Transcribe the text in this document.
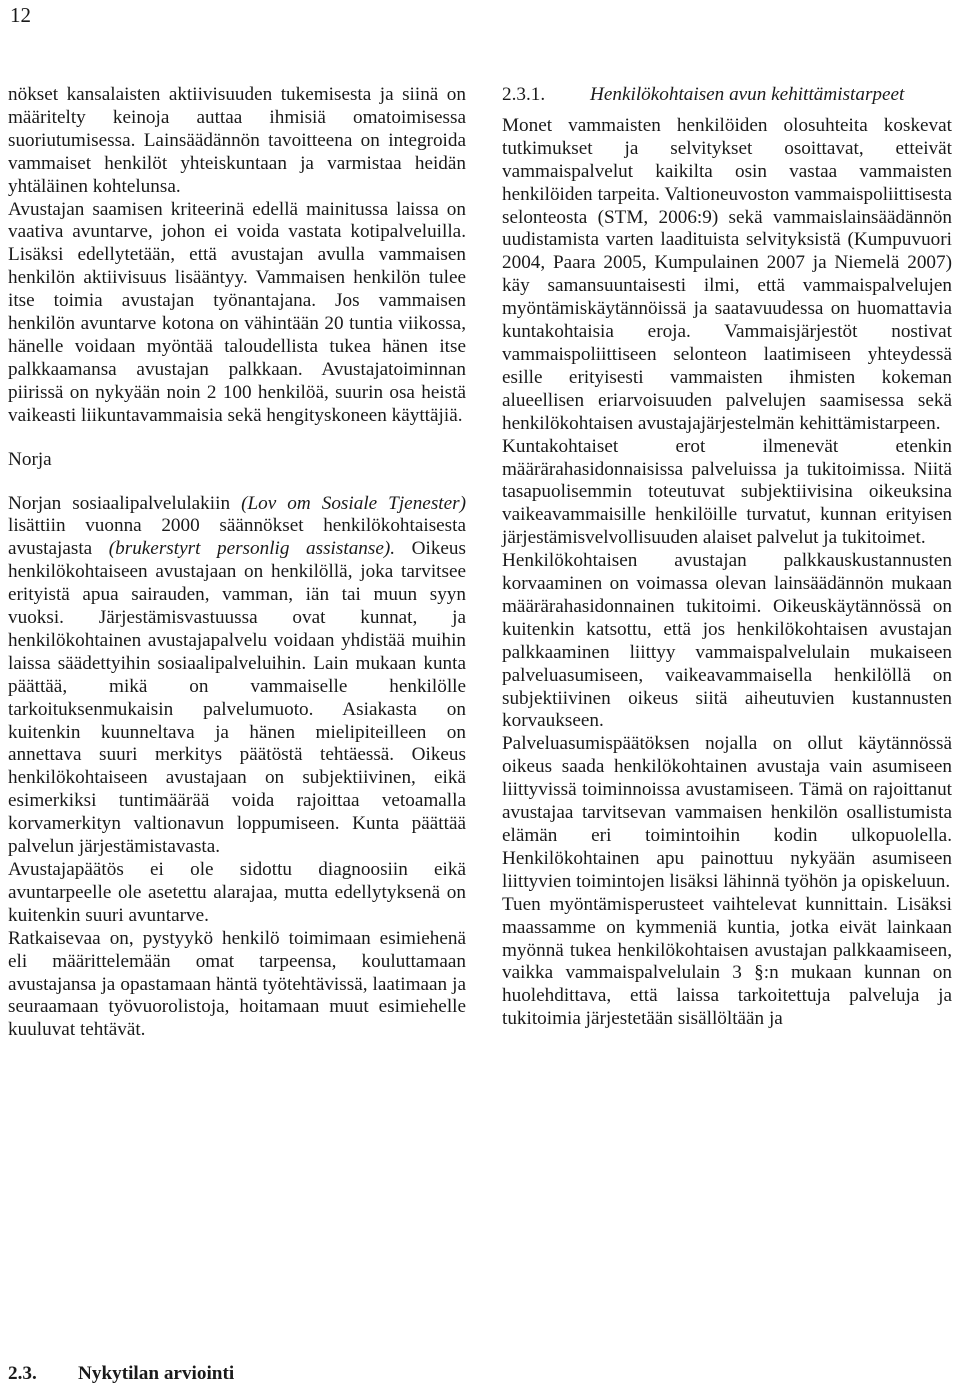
12

nökset kansalaisten aktiivisuuden tukemisesta ja siinä on määritelty keinoja auttaa ihmisiä omatoimisessa suoriutumisessa. Lainsäädännön tavoitteena on integroida vammaiset henkilöt yhteiskuntaan ja varmistaa heidän yhtäläinen kohtelunsa.

Avustajan saamisen kriteerinä edellä mainitussa laissa on vaativa avuntarve, johon ei voida vastata kotipalveluilla. Lisäksi edellytetään, että avustajan avulla vammaisen henkilön aktiivisuus lisääntyy. Vammaisen henkilön tulee itse toimia avustajan työnantajana. Jos vammaisen henkilön avuntarve kotona on vähintään 20 tuntia viikossa, hänelle voidaan myöntää taloudellista tukea hänen itse palkkaamansa avustajan palkkaan. Avustajatoiminnan piirissä on nykyään noin 2 100 henkilöä, suurin osa heistä vaikeasti liikuntavammaisia sekä hengityskoneen käyttäjiä.

Norja

Norjan sosiaalipalvelulakiin (Lov om Sosiale Tjenester) lisättiin vuonna 2000 säännökset henkilökohtaisesta avustajasta (brukerstyrt personlig assistanse). Oikeus henkilökohtaiseen avustajaan on henkilöllä, joka tarvitsee erityistä apua sairauden, vamman, iän tai muun syyn vuoksi. Järjestämisvastuussa ovat kunnat, ja henkilökohtainen avustajapalvelu voidaan yhdistää muihin laissa säädettyihin sosiaalipalveluihin. Lain mukaan kunta päättää, mikä on vammaiselle henkilölle tarkoituksenmukaisin palvelumuoto. Asiakasta on kuitenkin kuunneltava ja hänen mielipiteilleen on annettava suuri merkitys päätöstä tehtäessä. Oikeus henkilökohtaiseen avustajaan on subjektiivinen, eikä esimerkiksi tuntimäärää voida rajoittaa vetoamalla korvamerkityn valtionavun loppumiseen. Kunta päättää palvelun järjestämistavasta.

Avustajapäätös ei ole sidottu diagnoosiin eikä avuntarpeelle ole asetettu alarajaa, mutta edellytyksenä on kuitenkin suuri avuntarve.

Ratkaisevaa on, pystyykö henkilö toimimaan esimiehenä eli määrittelemään omat tarpeensa, kouluttamaan avustajansa ja opastamaan häntä työtehtävissä, laatimaan ja seuraamaan työvuorolistoja, hoitamaan muut esimiehelle kuuluvat tehtävät.

2.3. Nykytilan arviointi
2.3.1. Henkilökohtaisen avun kehittämistarpeet

Monet vammaisten henkilöiden olosuhteita koskevat tutkimukset ja selvitykset osoittavat, etteivät vammaispalvelut kaikilta osin vastaa vammaisten henkilöiden tarpeita. Valtioneuvoston vammaispoliittisesta selonteosta (STM, 2006:9) sekä vammaislainsäädännön uudistamista varten laadituista selvityksistä (Kumpuvuori 2004, Paara 2005, Kumpulainen 2007 ja Niemelä 2007) käy samansuuntaisesti ilmi, että vammaispalvelujen myöntämiskäytännöissä ja saatavuudessa on huomattavia kuntakohtaisia eroja. Vammaisjärjestöt nostivat vammaispoliittiseen selonteon laatimiseen yhteydessä esille erityisesti vammaisten ihmisten kokeman alueellisen eriarvoisuuden palvelujen saamisessa sekä henkilökohtaisen avustajajärjestelmän kehittämistarpeen.

Kuntakohtaiset erot ilmenevät etenkin määrärahasidonnaisissa palveluissa ja tukitoimissa. Niitä tasapuolisemmin toteutuvat subjektiivisina oikeuksina vaikeavammaisille henkilöille turvatut, kunnan erityisen järjestämisvelvollisuuden alaiset palvelut ja tukitoimet.

Henkilökohtaisen avustajan palkkauskustannusten korvaaminen on voimassa olevan lainsäädännön mukaan määrärahasidonnainen tukitoimi. Oikeuskäytännössä on kuitenkin katsottu, että jos henkilökohtaisen avustajan palkkaaminen liittyy vammaispalvelulain mukaiseen palveluasumiseen, vaikeavammaisella henkilöllä on subjektiivinen oikeus siitä aiheutuvien kustannusten korvaukseen.

Palveluasumispäätöksen nojalla on ollut käytännössä oikeus saada henkilökohtainen avustaja vain asumiseen liittyvissä toiminnoissa avustamiseen. Tämä on rajoittanut avustajaa tarvitsevan vammaisen henkilön osallistumista elämän eri toimintoihin kodin ulkopuolella. Henkilökohtainen apu painottuu nykyään asumiseen liittyvien toimintojen lisäksi lähinnä työhön ja opiskeluun.

Tuen myöntämisperusteet vaihtelevat kunnittain. Lisäksi maassamme on kymmeniä kuntia, jotka eivät lainkaan myönnä tukea henkilökohtaisen avustajan palkkaamiseen, vaikka vammaispalvelulain 3 §:n mukaan kunnan on huolehdittava, että laissa tarkoitettuja palveluja ja tukitoimia järjestetään sisällöltään ja
